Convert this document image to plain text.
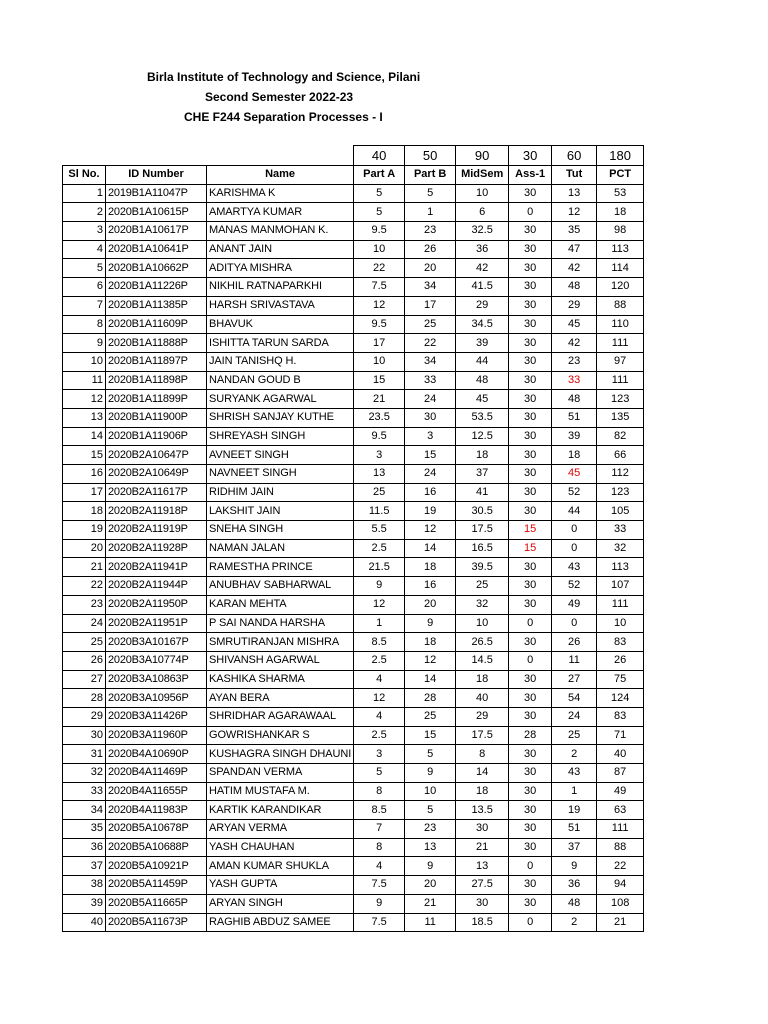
Birla Institute of Technology and Science, Pilani
Second Semester 2022-23
CHE F244 Separation Processes - I
			40	50	90	30	60	180
Sl No.	ID Number	Name	Part A	Part B	MidSem	Ass-1	Tut	PCT
1	2019B1A11047P	KARISHMA K	5	5	10	30	13	53
2	2020B1A10615P	AMARTYA KUMAR	5	1	6	0	12	18
3	2020B1A10617P	MANAS MANMOHAN K.	9.5	23	32.5	30	35	98
4	2020B1A10641P	ANANT JAIN	10	26	36	30	47	113
5	2020B1A10662P	ADITYA MISHRA	22	20	42	30	42	114
6	2020B1A11226P	NIKHIL RATNAPARKHI	7.5	34	41.5	30	48	120
7	2020B1A11385P	HARSH SRIVASTAVA	12	17	29	30	29	88
8	2020B1A11609P	BHAVUK	9.5	25	34.5	30	45	110
9	2020B1A11888P	ISHITTA TARUN SARDA	17	22	39	30	42	111
10	2020B1A11897P	JAIN TANISHQ H.	10	34	44	30	23	97
11	2020B1A11898P	NANDAN GOUD B	15	33	48	30	33	111
12	2020B1A11899P	SURYANK AGARWAL	21	24	45	30	48	123
13	2020B1A11900P	SHRISH SANJAY KUTHE	23.5	30	53.5	30	51	135
14	2020B1A11906P	SHREYASH SINGH	9.5	3	12.5	30	39	82
15	2020B2A10647P	AVNEET SINGH	3	15	18	30	18	66
16	2020B2A10649P	NAVNEET SINGH	13	24	37	30	45	112
17	2020B2A11617P	RIDHIM JAIN	25	16	41	30	52	123
18	2020B2A11918P	LAKSHIT JAIN	11.5	19	30.5	30	44	105
19	2020B2A11919P	SNEHA SINGH	5.5	12	17.5	15	0	33
20	2020B2A11928P	NAMAN JALAN	2.5	14	16.5	15	0	32
21	2020B2A11941P	RAMESTHA PRINCE	21.5	18	39.5	30	43	113
22	2020B2A11944P	ANUBHAV SABHARWAL	9	16	25	30	52	107
23	2020B2A11950P	KARAN MEHTA	12	20	32	30	49	111
24	2020B2A11951P	P SAI NANDA HARSHA	1	9	10	0	0	10
25	2020B3A10167P	SMRUTIRANJAN MISHRA	8.5	18	26.5	30	26	83
26	2020B3A10774P	SHIVANSH AGARWAL	2.5	12	14.5	0	11	26
27	2020B3A10863P	KASHIKA SHARMA	4	14	18	30	27	75
28	2020B3A10956P	AYAN BERA	12	28	40	30	54	124
29	2020B3A11426P	SHRIDHAR AGARAWAAL	4	25	29	30	24	83
30	2020B3A11960P	GOWRISHANKAR S	2.5	15	17.5	28	25	71
31	2020B4A10690P	KUSHAGRA SINGH DHAUNI	3	5	8	30	2	40
32	2020B4A11469P	SPANDAN VERMA	5	9	14	30	43	87
33	2020B4A11655P	HATIM MUSTAFA M.	8	10	18	30	1	49
34	2020B4A11983P	KARTIK KARANDIKAR	8.5	5	13.5	30	19	63
35	2020B5A10678P	ARYAN VERMA	7	23	30	30	51	111
36	2020B5A10688P	YASH CHAUHAN	8	13	21	30	37	88
37	2020B5A10921P	AMAN KUMAR SHUKLA	4	9	13	0	9	22
38	2020B5A11459P	YASH GUPTA	7.5	20	27.5	30	36	94
39	2020B5A11665P	ARYAN SINGH	9	21	30	30	48	108
40	2020B5A11673P	RAGHIB ABDUZ SAMEE	7.5	11	18.5	0	2	21
